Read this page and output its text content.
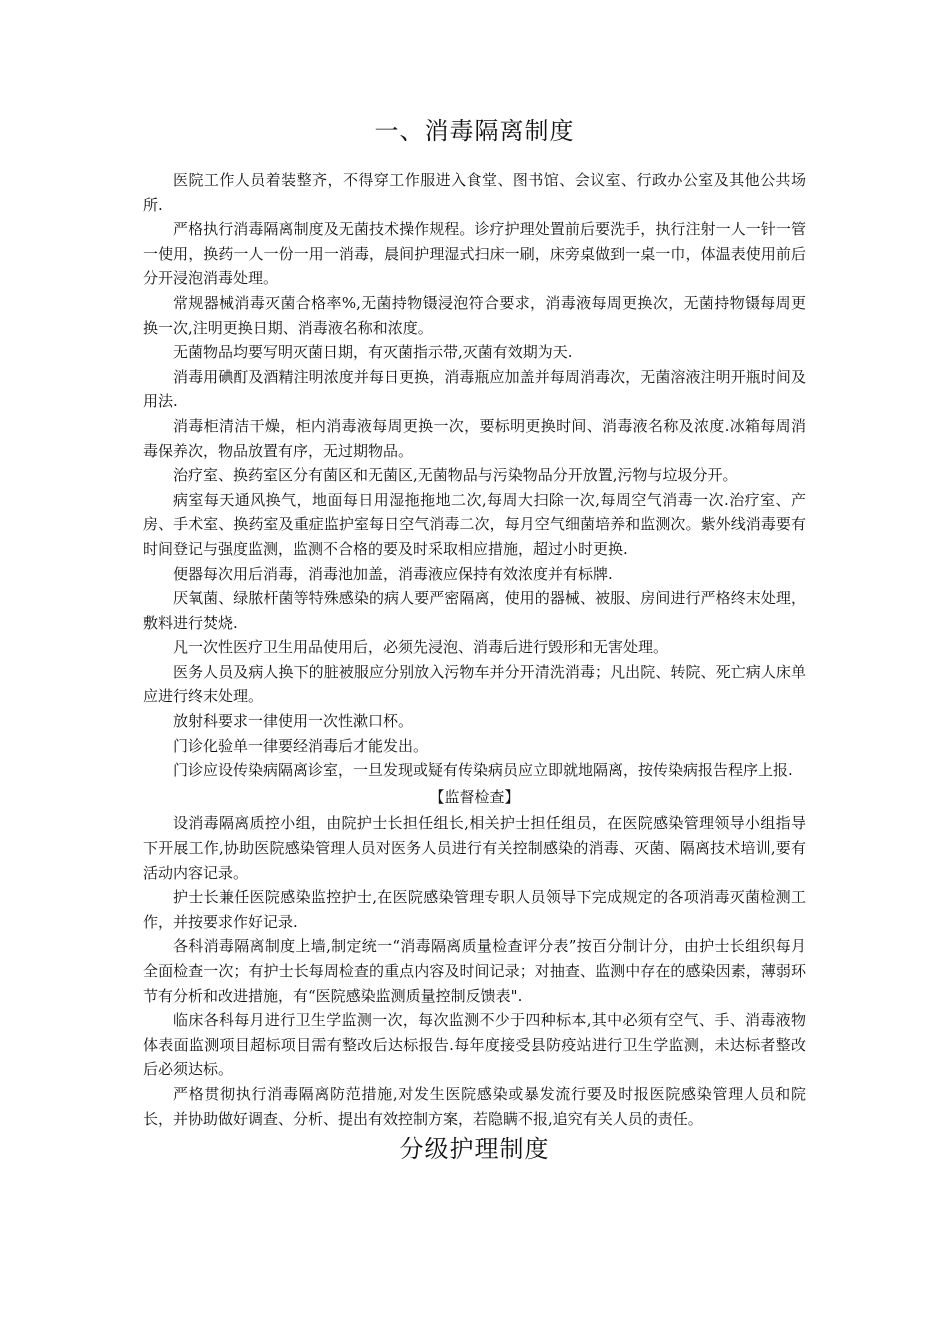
一、消毒隔离制度

医院工作人员着装整齐，不得穿工作服进入食堂、图书馆、会议室、行政办公室及其他公共场所.

严格执行消毒隔离制度及无菌技术操作规程。诊疗护理处置前后要洗手，执行注射一人一针一管一使用，换药一人一份一用一消毒，晨间护理湿式扫床一刷，床旁桌做到一桌一巾，体温表使用前后分开浸泡消毒处理。

常规器械消毒灭菌合格率%,无菌持物镊浸泡符合要求，消毒液每周更换次，无菌持物镊每周更换一次,注明更换日期、消毒液名称和浓度。

无菌物品均要写明灭菌日期，有灭菌指示带,灭菌有效期为天.

消毒用碘酊及酒精注明浓度并每日更换，消毒瓶应加盖并每周消毒次，无菌溶液注明开瓶时间及用法.

消毒柜清洁干燥，柜内消毒液每周更换一次，要标明更换时间、消毒液名称及浓度.冰箱每周消毒保养次，物品放置有序，无过期物品。

治疗室、换药室区分有菌区和无菌区,无菌物品与污染物品分开放置,污物与垃圾分开。

病室每天通风换气，地面每日用湿拖拖地二次,每周大扫除一次,每周空气消毒一次.治疗室、产房、手术室、换药室及重症监护室每日空气消毒二次，每月空气细菌培养和监测次。紫外线消毒要有时间登记与强度监测，监测不合格的要及时采取相应措施，超过小时更换.

便器每次用后消毒，消毒池加盖，消毒液应保持有效浓度并有标牌.

厌氧菌、绿脓杆菌等特殊感染的病人要严密隔离，使用的器械、被服、房间进行严格终末处理，敷料进行焚烧.

凡一次性医疗卫生用品使用后，必须先浸泡、消毒后进行毁形和无害处理。

医务人员及病人换下的脏被服应分别放入污物车并分开清洗消毒；凡出院、转院、死亡病人床单应进行终末处理。

放射科要求一律使用一次性漱口杯。

门诊化验单一律要经消毒后才能发出。

门诊应设传染病隔离诊室，一旦发现或疑有传染病员应立即就地隔离，按传染病报告程序上报.

【监督检查】

设消毒隔离质控小组，由院护士长担任组长,相关护士担任组员，在医院感染管理领导小组指导下开展工作,协助医院感染管理人员对医务人员进行有关控制感染的消毒、灭菌、隔离技术培训,要有活动内容记录。

护士长兼任医院感染监控护士,在医院感染管理专职人员领导下完成规定的各项消毒灭菌检测工作，并按要求作好记录.

各科消毒隔离制度上墙,制定统一“消毒隔离质量检查评分表”按百分制计分，由护士长组织每月全面检查一次；有护士长每周检查的重点内容及时间记录；对抽查、监测中存在的感染因素，薄弱环节有分析和改进措施，有“医院感染监测质量控制反馈表".

临床各科每月进行卫生学监测一次，每次监测不少于四种标本,其中必须有空气、手、消毒液物体表面监测项目超标项目需有整改后达标报告.每年度接受县防疫站进行卫生学监测，未达标者整改后必须达标。

严格贯彻执行消毒隔离防范措施,对发生医院感染或暴发流行要及时报医院感染管理人员和院长，并协助做好调查、分析、提出有效控制方案，若隐瞒不报,追究有关人员的责任。

分级护理制度
